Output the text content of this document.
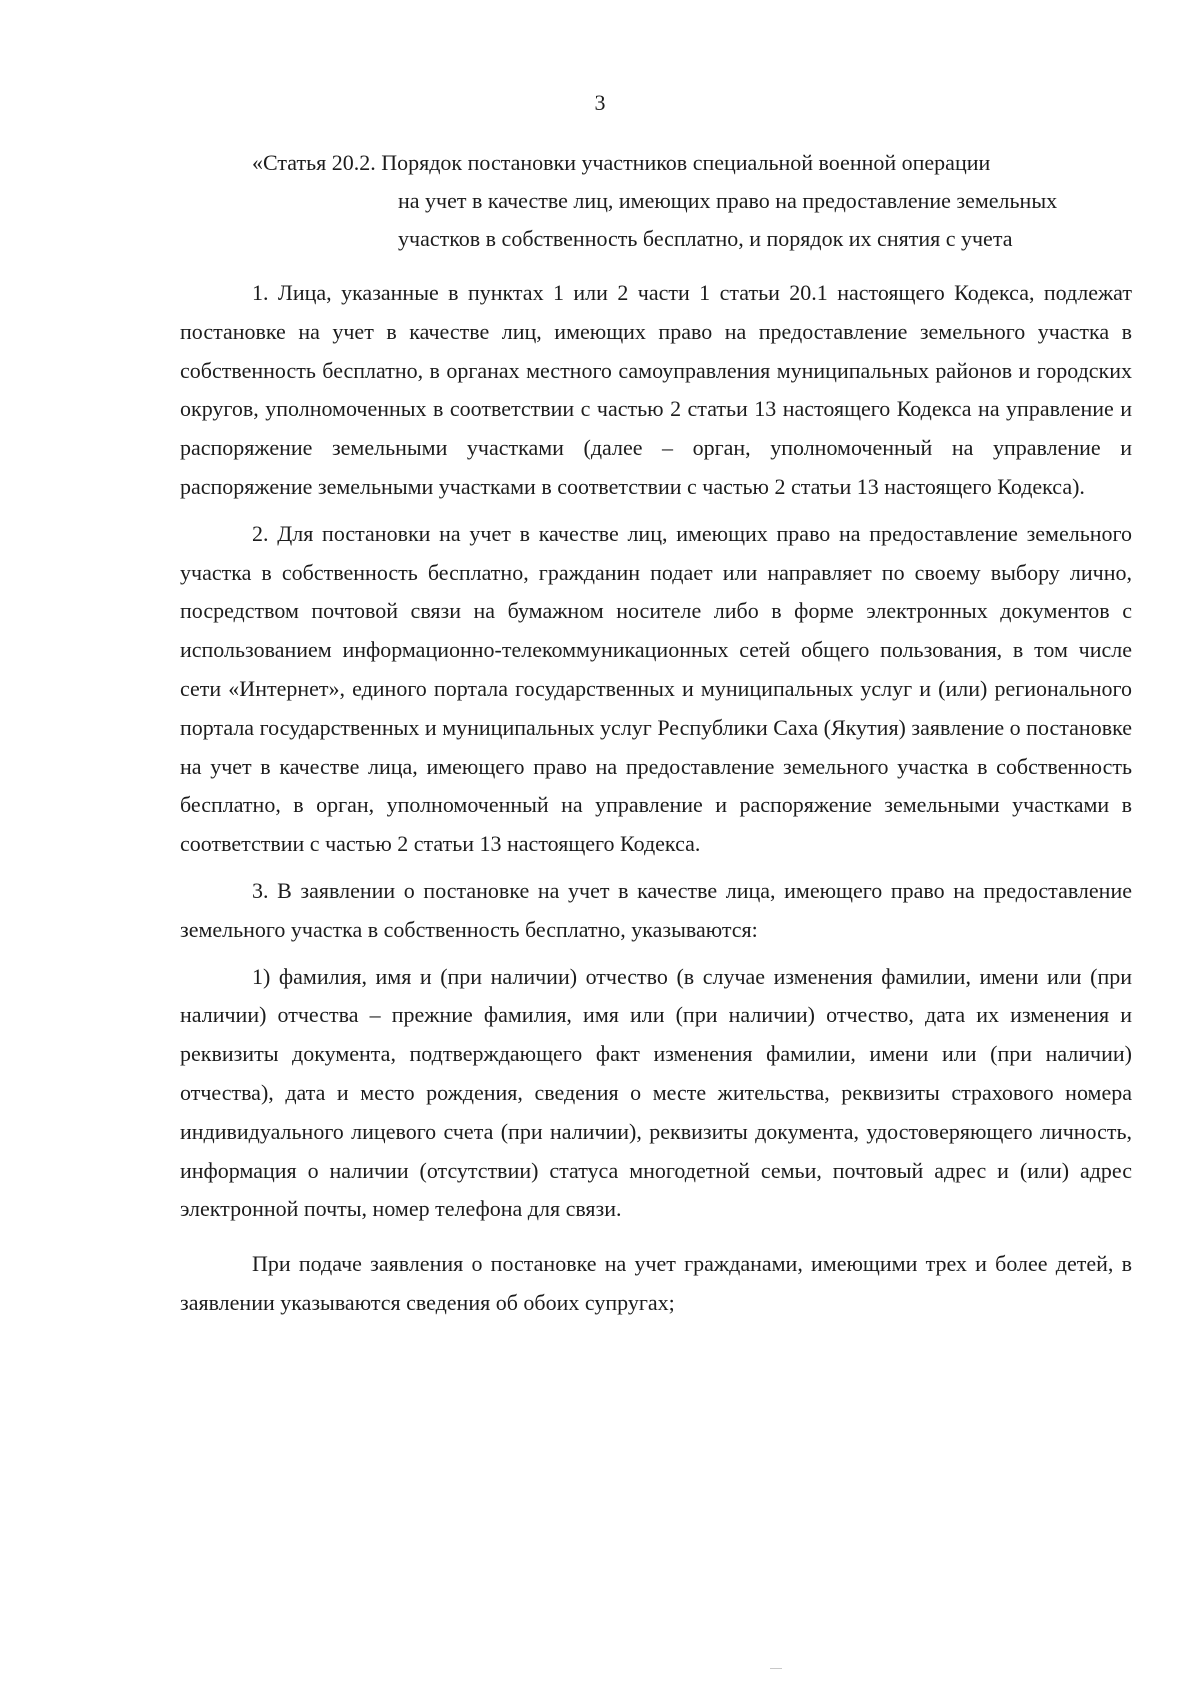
3
«Статья 20.2. Порядок постановки участников специальной военной операции
на учет в качестве лиц, имеющих право на предоставление земельных
участков в собственность бесплатно, и порядок их снятия с учета

1. Лица, указанные в пунктах 1 или 2 части 1 статьи 20.1 настоящего Кодекса, подлежат постановке на учет в качестве лиц, имеющих право на предоставление земельного участка в собственность бесплатно, в органах местного самоуправления муниципальных районов и городских округов, уполномоченных в соответствии с частью 2 статьи 13 настоящего Кодекса на управление и распоряжение земельными участками (далее – орган, уполномоченный на управление и распоряжение земельными участками в соответствии с частью 2 статьи 13 настоящего Кодекса).

2. Для постановки на учет в качестве лиц, имеющих право на предоставление земельного участка в собственность бесплатно, гражданин подает или направляет по своему выбору лично, посредством почтовой связи на бумажном носителе либо в форме электронных документов с использованием информационно-телекоммуникационных сетей общего пользования, в том числе сети «Интернет», единого портала государственных и муниципальных услуг и (или) регионального портала государственных и муниципальных услуг Республики Саха (Якутия) заявление о постановке на учет в качестве лица, имеющего право на предоставление земельного участка в собственность бесплатно, в орган, уполномоченный на управление и распоряжение земельными участками в соответствии с частью 2 статьи 13 настоящего Кодекса.

3. В заявлении о постановке на учет в качестве лица, имеющего право на предоставление земельного участка в собственность бесплатно, указываются:

1) фамилия, имя и (при наличии) отчество (в случае изменения фамилии, имени или (при наличии) отчества – прежние фамилия, имя или (при наличии) отчество, дата их изменения и реквизиты документа, подтверждающего факт изменения фамилии, имени или (при наличии) отчества), дата и место рождения, сведения о месте жительства, реквизиты страхового номера индивидуального лицевого счета (при наличии), реквизиты документа, удостоверяющего личность, информация о наличии (отсутствии) статуса многодетной семьи, почтовый адрес и (или) адрес электронной почты, номер телефона для связи.

При подаче заявления о постановке на учет гражданами, имеющими трех и более детей, в заявлении указываются сведения об обоих супругах;
